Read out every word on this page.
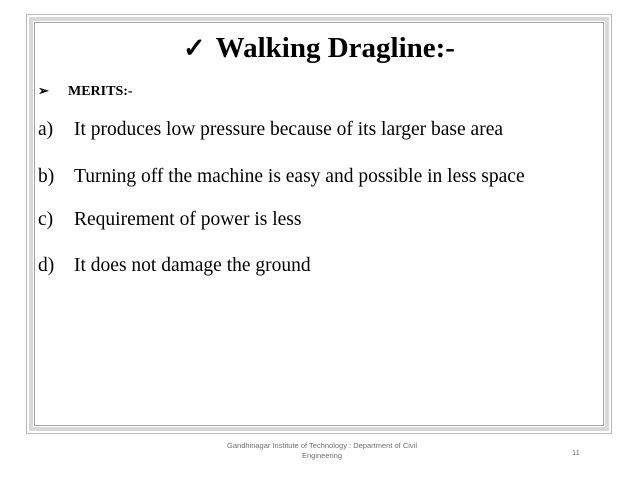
✓ Walking Dragline:-
➢ MERITS:-
a) It produces low pressure because of its larger base area
b) Turning off the machine is easy and possible in less space
c) Requirement of power is less
d) It does not damage the ground
Gandhinagar Institute of Technology : Department of Civil
Engineering	11
